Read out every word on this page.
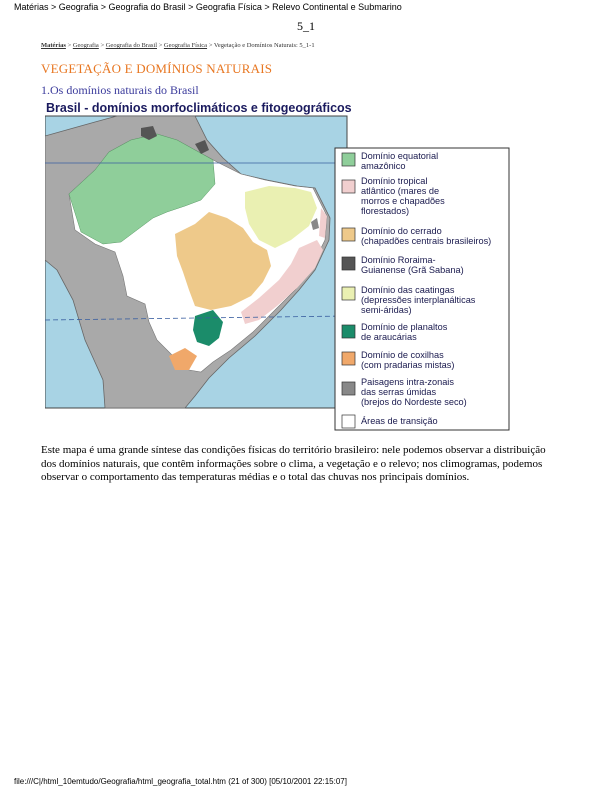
Matérias > Geografia > Geografia do Brasil > Geografia Física > Relevo Continental e Submarino
5_1
Matérias > Geografia > Geografia do Brasil > Geografia Física > Vegetação e Domínios Naturais: 5_1-1
VEGETAÇÃO E DOMÍNIOS NATURAIS
1.Os domínios naturais do Brasil
Brasil - domínios morfoclimáticos e fitogeográficos
Domínio equatorial
amazônico
Domínio tropical
atlântico (mares de
morros e chapadões
florestados)
Domínio do cerrado
(chapadões centrais brasileiros)
Domínio Roraima-
Guianense (Grã Sabana)
Domínio das caatingas
(depressões interplanálticas
semi-áridas)
Domínio de planaltos
de araucárias
Domínio de coxilhas
(com pradarias mistas)
Paisagens intra-zonais
das serras úmidas
(brejos do Nordeste seco)
Áreas de transição
Este mapa é uma grande síntese das condições físicas do território brasileiro: nele podemos observar a distribuição dos domínios naturais, que contêm informações sobre o clima, a vegetação e o relevo; nos climogramas, podemos observar o comportamento das temperaturas médias e o total das chuvas nos principais domínios.
file:///C|/html_10emtudo/Geografia/html_geografia_total.htm (21 of 300) [05/10/2001 22:15:07]
